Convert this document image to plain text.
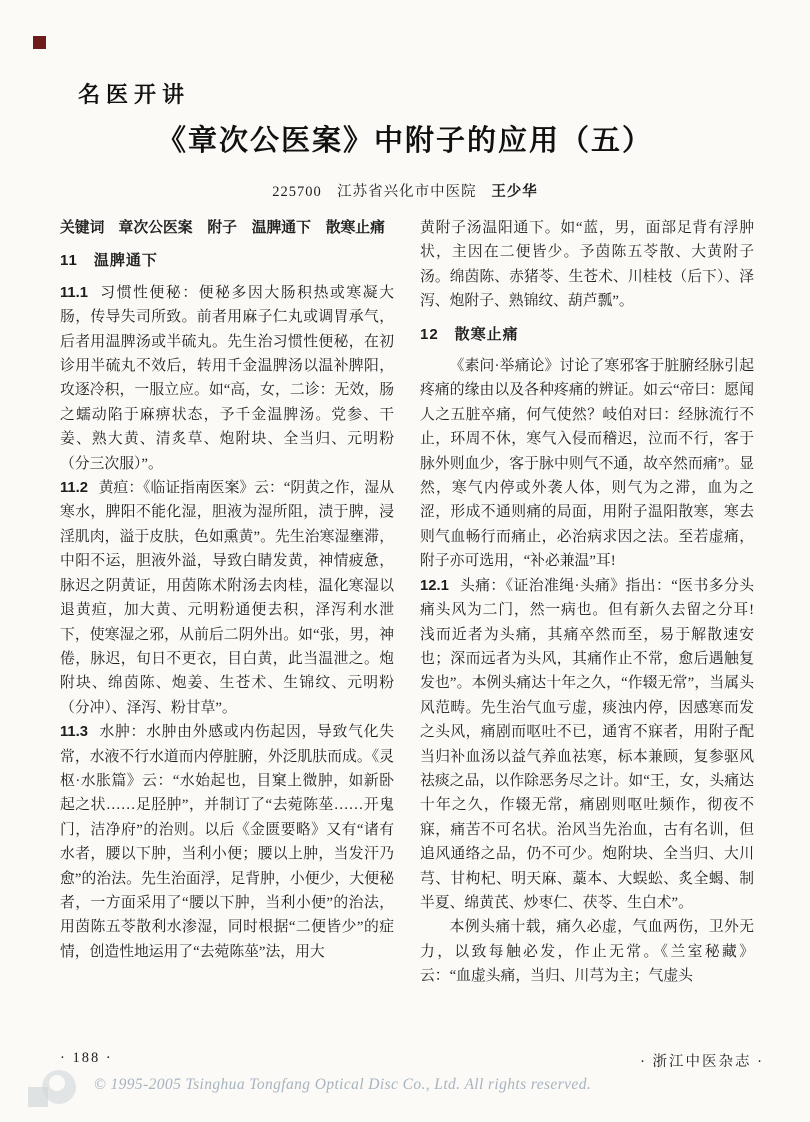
名医开讲
《章次公医案》中附子的应用（五）
225700　江苏省兴化市中医院 王少华

关键词 章次公医案　附子　温脾通下　散寒止痛

11　温脾通下

11.1 习惯性便秘：便秘多因大肠积热或寒凝大肠，传导失司所致。前者用麻子仁丸或调胃承气，后者用温脾汤或半硫丸。先生治习惯性便秘，在初诊用半硫丸不效后，转用千金温脾汤以温补脾阳，攻逐冷积，一服立应。如“高，女，二诊：无效，肠之蠕动陷于麻痹状态，予千金温脾汤。党参、干姜、熟大黄、清炙草、炮附块、全当归、元明粉（分三次服）”。

11.2 黄疸：《临证指南医案》云：“阴黄之作，湿从寒水，脾阳不能化湿，胆液为湿所阻，渍于脾，浸淫肌肉，溢于皮肤，色如熏黄”。先生治寒湿壅滞，中阳不运，胆液外溢，导致白睛发黄，神情疲惫，脉迟之阴黄证，用茵陈术附汤去肉桂，温化寒湿以退黄疸，加大黄、元明粉通便去积，泽泻利水泄下，使寒湿之邪，从前后二阴外出。如“张，男，神倦，脉迟，旬日不更衣，目白黄，此当温泄之。炮附块、绵茵陈、炮姜、生苍术、生锦纹、元明粉（分冲）、泽泻、粉甘草”。

11.3 水肿：水肿由外感或内伤起因，导致气化失常，水液不行水道而内停脏腑，外泛肌肤而成。《灵枢·水胀篇》云：“水始起也，目窠上微肿，如新卧起之状……足胫肿”，并制订了“去菀陈莝……开鬼门，洁净府”的治则。以后《金匮要略》又有“诸有水者，腰以下肿，当利小便；腰以上肿，当发汗乃愈”的治法。先生治面浮，足背肿，小便少，大便秘者，一方面采用了“腰以下肿，当利小便”的治法，用茵陈五苓散利水渗湿，同时根据“二便皆少”的症情，创造性地运用了“去菀陈莝”法，用大

黄附子汤温阳通下。如“蓝，男，面部足背有浮肿状，主因在二便皆少。予茵陈五苓散、大黄附子汤。绵茵陈、赤猪苓、生苍术、川桂枝（后下）、泽泻、炮附子、熟锦纹、葫芦瓢”。

12　散寒止痛

《素问·举痛论》讨论了寒邪客于脏腑经脉引起疼痛的缘由以及各种疼痛的辨证。如云“帝曰：愿闻人之五脏卒痛，何气使然？岐伯对曰：经脉流行不止，环周不休，寒气入侵而稽迟，泣而不行，客于脉外则血少，客于脉中则气不通，故卒然而痛”。显然，寒气内停或外袭人体，则气为之滞，血为之涩，形成不通则痛的局面，用附子温阳散寒，寒去则气血畅行而痛止，必治病求因之法。至若虚痛，附子亦可选用，“补必兼温”耳!

12.1 头痛：《证治准绳·头痛》指出：“医书多分头痛头风为二门，然一病也。但有新久去留之分耳! 浅而近者为头痛，其痛卒然而至，易于解散速安也；深而远者为头风，其痛作止不常，愈后遇触复发也”。本例头痛达十年之久，“作辍无常”，当属头风范畴。先生治气血亏虚，痰浊内停，因感寒而发之头风，痛剧而呕吐不已，通宵不寐者，用附子配当归补血汤以益气养血祛寒，标本兼顾，复参驱风祛痰之品，以作除恶务尽之计。如“王，女，头痛达十年之久，作辍无常，痛剧则呕吐频作，彻夜不寐，痛苦不可名状。治风当先治血，古有名训，但追风通络之品，仍不可少。炮附块、全当归、大川芎、甘枸杞、明天麻、藁本、大蜈蚣、炙全蝎、制半夏、绵黄芪、炒枣仁、茯苓、生白术”。

本例头痛十载，痛久必虚，气血两伤，卫外无力，以致每触必发，作止无常。《兰室秘藏》云：“血虚头痛，当归、川芎为主；气虚头

· 188 ·	· 浙江中医杂志 ·
© 1995-2005 Tsinghua Tongfang Optical Disc Co., Ltd. All rights reserved.
